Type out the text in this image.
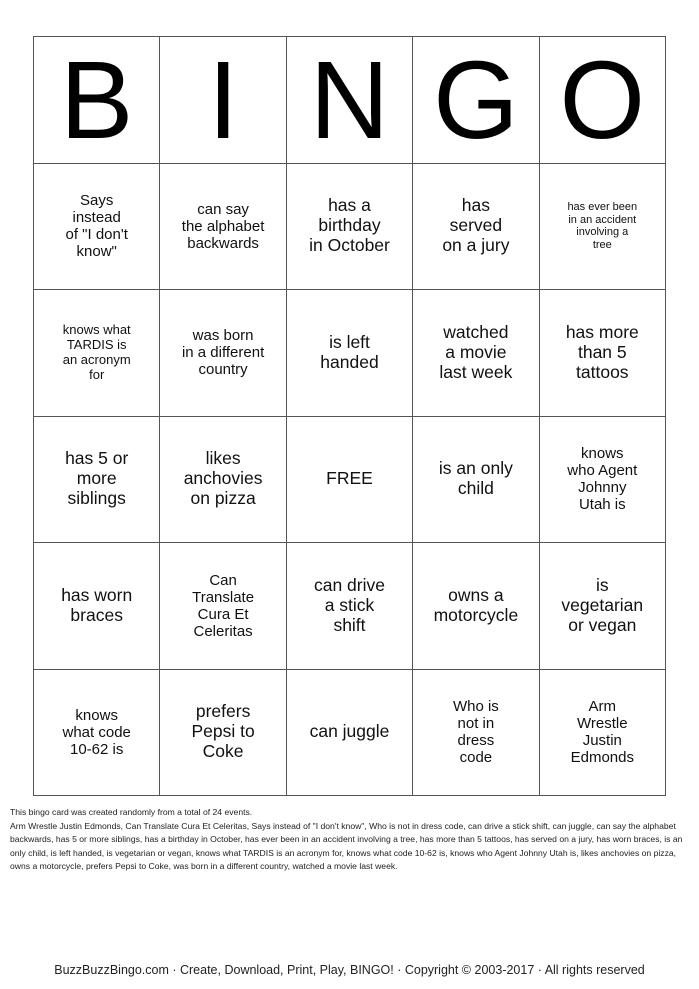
B I N G O
Says
instead
of "I don't
know"
can say
the alphabet
backwards
has a
birthday
in October
has
served
on a jury
has ever been
in an accident
involving a
tree
knows what
TARDIS is
an acronym
for
was born
in a different
country
is left
handed
watched
a movie
last week
has more
than 5
tattoos
has 5 or
more
siblings
likes
anchovies
on pizza
FREE	is an only
child
knows
who Agent
Johnny
Utah is
has worn
braces
Can
Translate
Cura Et
Celeritas
can drive
a stick
shift
owns a
motorcycle
is
vegetarian
or vegan
knows
what code
10-62 is
prefers
Pepsi to
Coke
can juggle
Who is
not in
dress
code
Arm
Wrestle
Justin
Edmonds

This bingo card was created randomly from a total of 24 events.

Arm Wrestle Justin Edmonds, Can Translate Cura Et Celeritas, Says instead of "I don't know", Who is not in dress code, can drive a stick shift, can juggle, can say the alphabet backwards, has 5 or more siblings, has a birthday in October, has ever been in an accident involving a tree, has more than 5 tattoos, has served on a jury, has worn braces, is an only child, is left handed, is vegetarian or vegan, knows what TARDIS is an acronym for, knows what code 10-62 is, knows who Agent Johnny Utah is, likes anchovies on pizza, owns a motorcycle, prefers Pepsi to Coke, was born in a different country, watched a movie last week.

BuzzBuzzBingo.com · Create, Download, Print, Play, BINGO! · Copyright © 2003-2017 · All rights reserved
